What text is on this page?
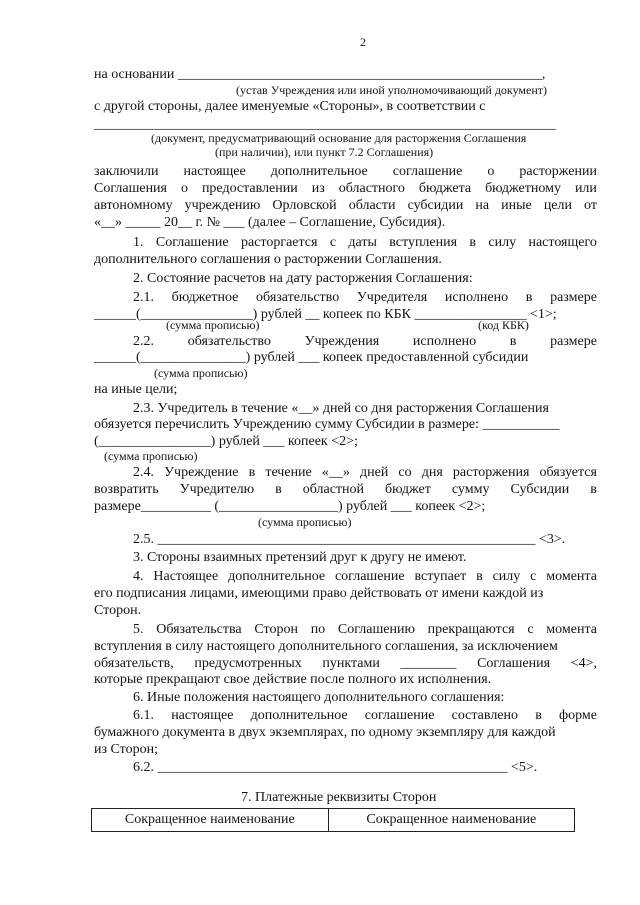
2
на основании ____________________________________________________,
(устав Учреждения или иной уполномочивающий документ)
с другой стороны, далее именуемые «Стороны», в соответствии с
__________________________________________________________________
(документ, предусматривающий основание для расторжения Соглашения
(при наличии), или пункт 7.2 Соглашения)
заключили настоящее дополнительное соглашение о расторжении
Соглашения о предоставлении из областного бюджета бюджетному или
автономному учреждению Орловской области субсидии на иные цели от
«__» _____ 20__ г. № ___ (далее – Соглашение, Субсидия).
1. Соглашение расторгается с даты вступления в силу настоящего
дополнительного соглашения о расторжении Соглашения.
2. Состояние расчетов на дату расторжения Соглашения:
2.1. бюджетное обязательство Учредителя исполнено в размере
______(________________) рублей __ копеек по КБК ________________ <1>;
(сумма прописью)	(код КБК)
2.2. обязательство Учреждения исполнено в размере
______(_______________) рублей ___ копеек предоставленной субсидии
(сумма прописью)
на иные цели;
2.3. Учредитель в течение «__» дней со дня расторжения Соглашения
обязуется перечислить Учреждению сумму Субсидии в размере: ___________
(________________) рублей ___ копеек <2>;
(сумма прописью)
2.4. Учреждение в течение «__» дней со дня расторжения обязуется
возвратить Учредителю в областной бюджет сумму Субсидии в
размере__________ (_________________) рублей ___ копеек <2>;
(сумма прописью)
2.5. ______________________________________________________ <3>.
3. Стороны взаимных претензий друг к другу не имеют.
4. Настоящее дополнительное соглашение вступает в силу с момента
его подписания лицами, имеющими право действовать от имени каждой из
Сторон.
5. Обязательства Сторон по Соглашению прекращаются с момента
вступления в силу настоящего дополнительного соглашения, за исключением
обязательств, предусмотренных пунктами ________ Соглашения <4>,
которые прекращают свое действие после полного их исполнения.
6. Иные положения настоящего дополнительного соглашения:
6.1. настоящее дополнительное соглашение составлено в форме
бумажного документа в двух экземплярах, по одному экземпляру для каждой
из Сторон;
6.2. __________________________________________________ <5>.
7. Платежные реквизиты Сторон
Сокращенное наименование	Сокращенное наименование
